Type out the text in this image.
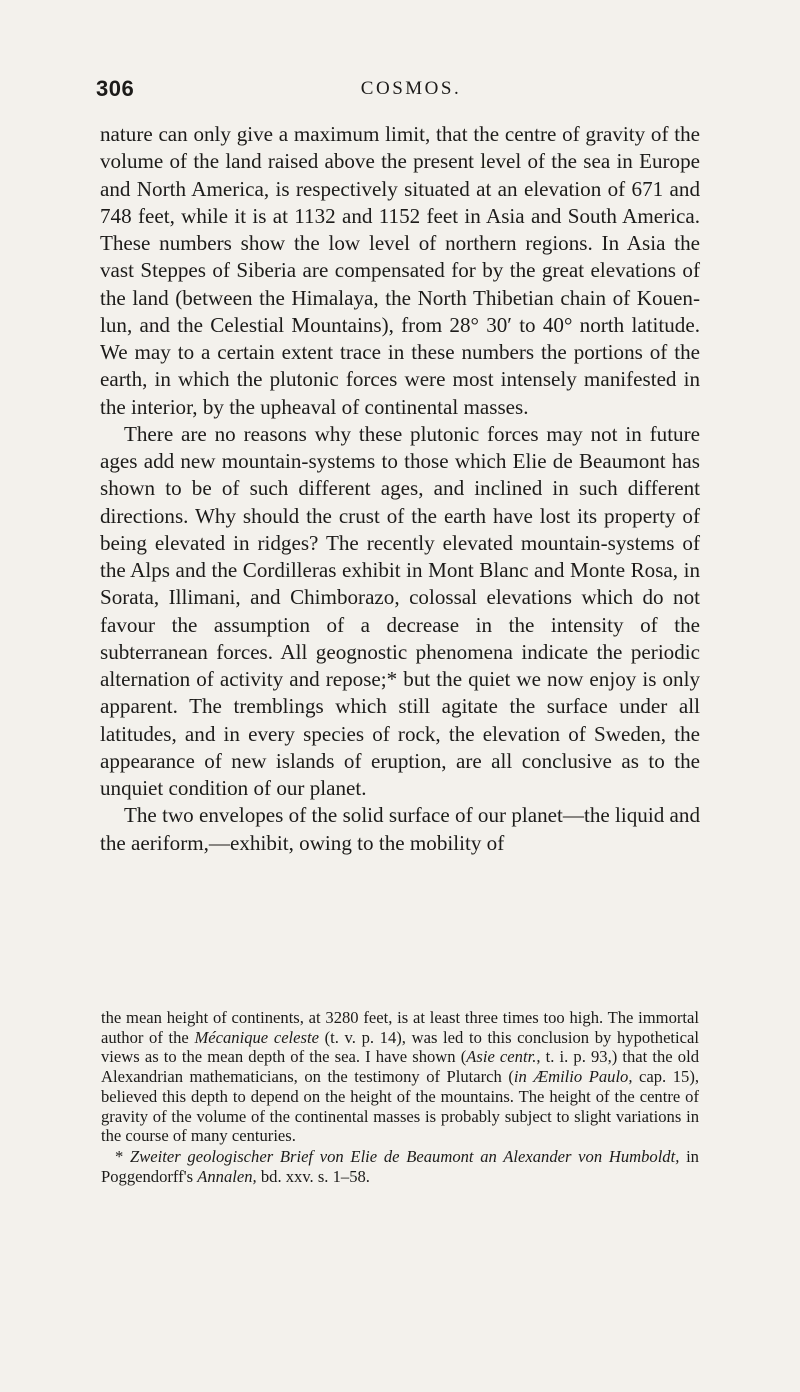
306	COSMOS.

nature can only give a maximum limit, that the centre of gravity of the volume of the land raised above the present level of the sea in Europe and North America, is respectively situated at an elevation of 671 and 748 feet, while it is at 1132 and 1152 feet in Asia and South America. These numbers show the low level of northern regions. In Asia the vast Steppes of Siberia are compensated for by the great elevations of the land (between the Himalaya, the North Thibetian chain of Kouen-lun, and the Celestial Mountains), from 28° 30′ to 40° north latitude. We may to a certain extent trace in these numbers the portions of the earth, in which the plutonic forces were most intensely manifested in the interior, by the upheaval of continental masses.

There are no reasons why these plutonic forces may not in future ages add new mountain-systems to those which Elie de Beaumont has shown to be of such different ages, and inclined in such different directions. Why should the crust of the earth have lost its property of being elevated in ridges? The recently elevated mountain-systems of the Alps and the Cordilleras exhibit in Mont Blanc and Monte Rosa, in Sorata, Illimani, and Chimborazo, colossal elevations which do not favour the assumption of a decrease in the intensity of the subterranean forces. All geognostic phenomena indicate the periodic alternation of activity and repose;* but the quiet we now enjoy is only apparent. The tremblings which still agitate the surface under all latitudes, and in every species of rock, the elevation of Sweden, the appearance of new islands of eruption, are all conclusive as to the unquiet condition of our planet.

The two envelopes of the solid surface of our planet—the liquid and the aeriform,—exhibit, owing to the mobility of

the mean height of continents, at 3280 feet, is at least three times too high. The immortal author of the Mécanique celeste (t. v. p. 14), was led to this conclusion by hypothetical views as to the mean depth of the sea. I have shown (Asie centr., t. i. p. 93,) that the old Alexandrian mathematicians, on the testimony of Plutarch (in Æmilio Paulo, cap. 15), believed this depth to depend on the height of the mountains. The height of the centre of gravity of the volume of the continental masses is probably subject to slight variations in the course of many centuries.

* Zweiter geologischer Brief von Elie de Beaumont an Alexander von Humboldt, in Poggendorff's Annalen, bd. xxv. s. 1–58.
